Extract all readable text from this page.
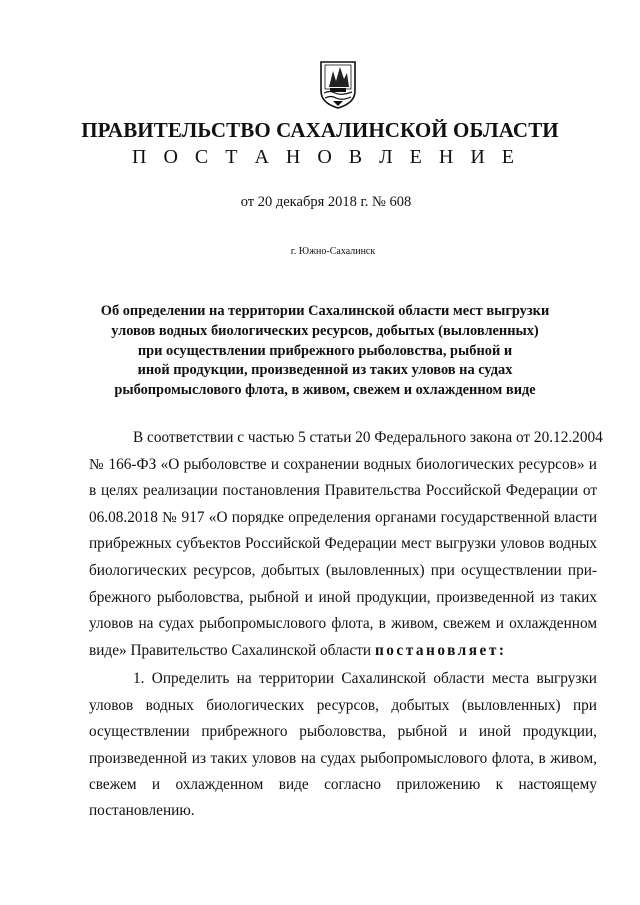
ПРАВИТЕЛЬСТВО САХАЛИНСКОЙ ОБЛАСТИ
П О С Т А Н О В Л Е Н И Е
от 20 декабря 2018 г. № 608
г. Южно-Сахалинск
Об определении на территории Сахалинской области мест выгрузки
уловов водных биологических ресурсов, добытых (выловленных)
при осуществлении прибрежного рыболовства, рыбной и
иной продукции, произведенной из таких уловов на судах
рыбопромыслового флота, в живом, свежем и охлажденном виде

В соответствии с частью 5 статьи 20 Федерального закона от 20.12.2004
№ 166-ФЗ «О рыболовстве и сохранении водных биологических ресурсов» и
в целях реализации постановления Правительства Российской Федерации от
06.08.2018 № 917 «О порядке определения органами государственной власти
прибрежных субъектов Российской Федерации мест выгрузки уловов водных
биологических ресурсов, добытых (выловленных) при осуществлении при-
брежного рыболовства, рыбной и иной продукции, произведенной из таких
уловов на судах рыбопромыслового флота, в живом, свежем и охлажденном
виде» Правительство Сахалинской области постановляет:

1. Определить на территории Сахалинской области места выгрузки
уловов водных биологических ресурсов, добытых (выловленных) при
осуществлении прибрежного рыболовства, рыбной и иной продукции,
произведенной из таких уловов на судах рыбопромыслового флота, в живом,
свежем и охлажденном виде согласно приложению к настоящему
постановлению.
